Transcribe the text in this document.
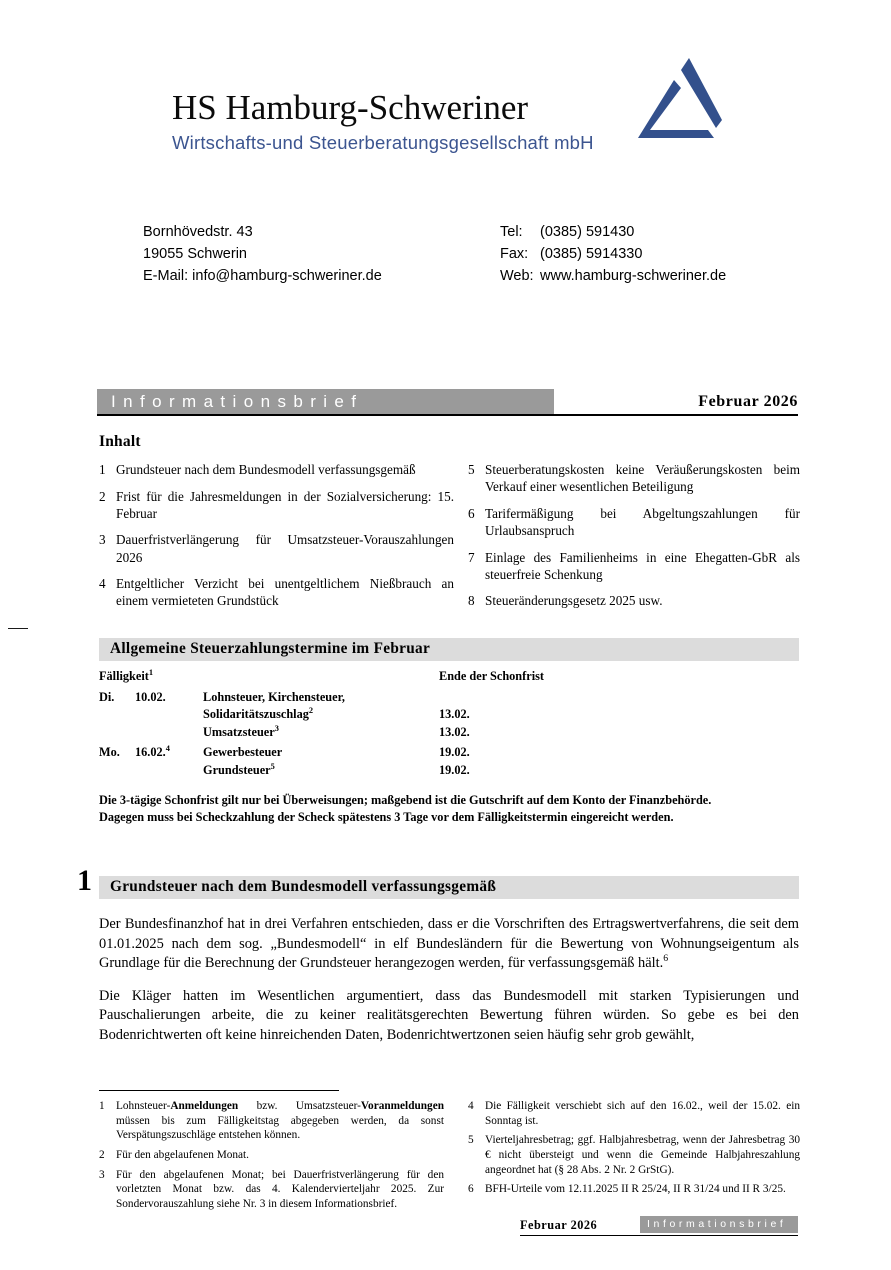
HS Hamburg-Schweriner
Wirtschafts-und Steuerberatungsgesellschaft mbH
Bornhövedstr. 43
19055 Schwerin
E-Mail: info@hamburg-schweriner.de
Tel: (0385) 591430
Fax: (0385) 5914330
Web: www.hamburg-schweriner.de
Informationsbrief	Februar 2026
Inhalt
1 Grundsteuer nach dem Bundesmodell verfassungsgemäß
2 Frist für die Jahresmeldungen in der Sozialversicherung: 15. Februar
3 Dauerfristverlängerung für Umsatzsteuer-Vorauszahlungen 2026
4 Entgeltlicher Verzicht bei unentgeltlichem Nießbrauch an einem vermieteten Grundstück
5 Steuerberatungskosten keine Veräußerungskosten beim Verkauf einer wesentlichen Beteiligung
6 Tarifermäßigung bei Abgeltungszahlungen für Urlaubsanspruch
7 Einlage des Familienheims in eine Ehegatten-GbR als steuerfreie Schenkung
8 Steueränderungsgesetz 2025 usw.
Allgemeine Steuerzahlungstermine im Februar
Fälligkeit$^1$	Ende der Schonfrist
Di. 10.02.	Lohnsteuer, Kirchensteuer,
Solidaritätszuschlag$^2$	13.02.
Umsatzsteuer$^3$	13.02.
Mo. 16.02.$^4$	Gewerbesteuer	19.02.
Grundsteuer$^5$	19.02.
Die 3-tägige Schonfrist gilt nur bei Überweisungen; maßgebend ist die Gutschrift auf dem Konto der Finanzbehörde.
Dagegen muss bei Scheckzahlung der Scheck spätestens 3 Tage vor dem Fälligkeitstermin eingereicht werden.
1 Grundsteuer nach dem Bundesmodell verfassungsgemäß

Der Bundesfinanzhof hat in drei Verfahren entschieden, dass er die Vorschriften des Ertragswertverfahrens, die seit dem 01.01.2025 nach dem sog. „Bundesmodell“ in elf Bundesländern für die Bewertung von Wohnungseigentum als Grundlage für die Berechnung der Grundsteuer herangezogen werden, für verfassungsgemäß hält.$^6$

Die Kläger hatten im Wesentlichen argumentiert, dass das Bundesmodell mit starken Typisierungen und Pauschalierungen arbeite, die zu keiner realitätsgerechten Bewertung führen würden. So gebe es bei den Bodenrichtwerten oft keine hinreichenden Daten, Bodenrichtwertzonen seien häufig sehr grob gewählt,

1	Lohnsteuer-Anmeldungen bzw. Umsatzsteuer-Voranmeldungen müssen bis zum Fälligkeitstag abgegeben werden, da sonst Verspätungszuschläge entstehen können.
2	Für den abgelaufenen Monat.
3	Für den abgelaufenen Monat; bei Dauerfristverlängerung für den vorletzten Monat bzw. das 4. Kalendervierteljahr 2025. Zur Sondervorauszahlung siehe Nr. 3 in diesem Informationsbrief.
4	Die Fälligkeit verschiebt sich auf den 16.02., weil der 15.02. ein Sonntag ist.
5	Vierteljahresbetrag; ggf. Halbjahresbetrag, wenn der Jahresbetrag 30 € nicht übersteigt und wenn die Gemeinde Halbjahreszahlung angeordnet hat (§ 28 Abs. 2 Nr. 2 GrStG).
6	BFH-Urteile vom 12.11.2025 II R 25/24, II R 31/24 und II R 3/25.
Februar 2026	Informationsbrief
